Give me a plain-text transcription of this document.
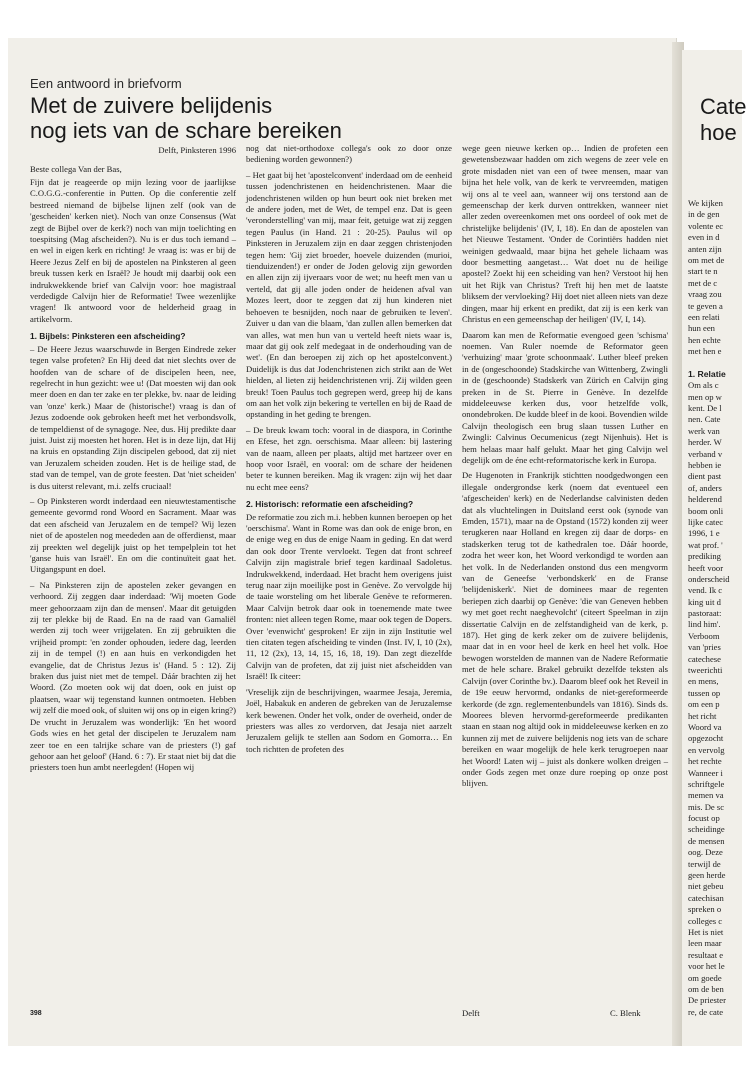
Een antwoord in briefvorm
Met de zuivere belijdenis
nog iets van de schare bereiken
Delft, Pinksteren 1996
Beste collega Van der Bas,

Fijn dat je reageerde op mijn lezing voor de jaarlijkse C.O.G.G.-conferentie in Putten. Op die conferentie zelf bestreed niemand de bijbelse lijnen zelf (ook van de 'gescheiden' kerken niet). Noch van onze Consensus (Wat zegt de Bijbel over de kerk?) noch van mijn toelichting en toespitsing (Mag afscheiden?). Nu is er dus toch iemand – en wel in eigen kerk en richting! Je vraag is: was er bij de Heere Jezus Zelf en bij de apostelen na Pinksteren al geen breuk tussen kerk en Israël? Je houdt mij daarbij ook een indrukwekkende brief van Calvijn voor: hoe magistraal verdedigde Calvijn hier de Reformatie! Twee wezenlijke vragen! Ik antwoord voor de helderheid graag in artikelvorm.

1. Bijbels: Pinksteren een afscheiding?

– De Heere Jezus waarschuwde in Bergen Eindrede zeker tegen valse profeten? En Hij deed dat niet slechts over de hoofden van de schare of de discipelen heen, nee, regelrecht in hun gezicht: wee u! (Dat moesten wij dan ook meer doen en dan ter zake en ter plekke, bv. naar de leiding van 'onze' kerk.) Maar de (historische!) vraag is dan of Jezus zodoende ook gebroken heeft met het verbondsvolk, de tempeldienst of de synagoge. Nee, dus. Hij predikte daar juist. Juist zij moesten het horen. Het is in deze lijn, dat Hij na kruis en opstanding Zijn discipelen gebood, dat zij niet van Jeruzalem scheiden zouden. Het is de heilige stad, de stad van de tempel, van de grote feesten. Dat 'niet scheiden' is dus uiterst relevant, m.i. zelfs cruciaal!

– Op Pinksteren wordt inderdaad een nieuwtestamentische gemeente gevormd rond Woord en Sacrament. Maar was dat een afscheid van Jeruzalem en de tempel? Wij lezen niet of de apostelen nog meededen aan de offerdienst, maar zij preekten wel degelijk juist op het tempelplein tot het 'ganse huis van Israël'. En om die continuïteit gaat het. Uitgangspunt en doel.

– Na Pinksteren zijn de apostelen zeker gevangen en verhoord. Zij zeggen daar inderdaad: 'Wij moeten Gode meer gehoorzaam zijn dan de mensen'. Maar dit getuigden zij ter plekke bij de Raad. En na de raad van Gamaliël werden zij toch weer vrijgelaten. En zij gebruikten die vrijheid prompt: 'en zonder ophouden, iedere dag, leerden zij in de tempel (!) en aan huis en verkondigden het evangelie, dat de Christus Jezus is' (Hand. 5 : 12). Zij braken dus juist niet met de tempel. Dáár brachten zij het Woord. (Zo moeten ook wij dat doen, ook en juist op plaatsen, waar wij tegenstand kunnen ontmoeten. Hebben wij zelf die moed ook, of sluiten wij ons op in eigen kring?) De vrucht in Jeruzalem was wonderlijk: 'En het woord Gods wies en het getal der discipelen te Jeruzalem nam zeer toe en een talrijke schare van de priesters (!) gaf gehoor aan het geloof' (Hand. 6 : 7). Er staat niet bij dat die priesters toen hun ambt neerlegden! (Hopen wij

nog dat niet-orthodoxe collega's ook zo door onze bediening worden gewonnen?)

– Het gaat bij het 'apostelconvent' inderdaad om de eenheid tussen jodenchristenen en heidenchristenen. Maar die jodenchristenen wilden op hun beurt ook niet breken met de andere joden, met de Wet, de tempel enz. Dat is geen 'veronderstelling' van mij, maar feit, getuige wat zij zeggen tegen Paulus (in Hand. 21 : 20-25). Paulus wil op Pinksteren in Jeruzalem zijn en daar zeggen christenjoden tegen hem: 'Gij ziet broeder, hoevele duizenden (murioi, tienduizenden!) er onder de Joden gelovig zijn geworden en allen zijn zij ijveraars voor de wet; nu heeft men van u verteld, dat gij alle joden onder de heidenen afval van Mozes leert, door te zeggen dat zij hun kinderen niet behoeven te besnijden, noch naar de gebruiken te leven'. Zuiver u dan van die blaam, 'dan zullen allen bemerken dat van alles, wat men hun van u verteld heeft niets waar is, maar dat gij ook zelf medegaat in de onderhouding van de wet'. (En dan beroepen zij zich op het apostelconvent.) Duidelijk is dus dat Jodenchristenen zich strikt aan de Wet hielden, al lieten zij heidenchristenen vrij. Zij wilden geen breuk! Toen Paulus toch gegrepen werd, greep hij de kans om aan het volk zijn bekering te vertellen en bij de Raad de opstanding in het geding te brengen.

– De breuk kwam toch: vooral in de diaspora, in Corinthe en Efese, het zgn. oerschisma. Maar alleen: bij lastering van de naam, alleen per plaats, altijd met hartzeer over en hoop voor Israël, en vooral: om de schare der heidenen beter te kunnen bereiken. Mag ik vragen: zijn wij het daar nu echt mee eens?

2. Historisch: reformatie een afscheiding?

De reformatie zou zich m.i. hebben kunnen beroepen op het 'oerschisma'. Want in Rome was dan ook de enige bron, en de enige weg en dus de enige Naam in geding. En dat werd dan ook door Trente vervloekt. Tegen dat front schreef Calvijn zijn magistrale brief tegen kardinaal Sadoletus. Indrukwekkend, inderdaad. Het bracht hem overigens juist terug naar zijn moeilijke post in Genève. Zo vervolgde hij de taaie worsteling om het liberale Genève te reformeren. Maar Calvijn betrok daar ook in toenemende mate twee fronten: niet alleen tegen Rome, maar ook tegen de Dopers. Over 'evenwicht' gesproken! Er zijn in zijn Institutie wel tien citaten tegen afscheiding te vinden (Inst. IV, I, 10 (2x), 11, 12 (2x), 13, 14, 15, 16, 18, 19). Dan zegt diezelfde Calvijn van de profeten, dat zij juist niet afscheidden van Israël! Ik citeer:

'Vreselijk zijn de beschrijvingen, waarmee Jesaja, Jeremia, Joël, Habakuk en anderen de gebreken van de Jeruzalemse kerk bewenen. Onder het volk, onder de overheid, onder de priesters was alles zo verdorven, dat Jesaja niet aarzelt Jeruzalem gelijk te stellen aan Sodom en Gomorra… En toch richtten de profeten des

wege geen nieuwe kerken op… Indien de profeten een gewetensbezwaar hadden om zich wegens de zeer vele en grote misdaden niet van een of twee mensen, maar van bijna het hele volk, van de kerk te vervreemden, matigen wij ons al te veel aan, wanneer wij ons terstond aan de gemeenschap der kerk durven onttrekken, wanneer niet aller zeden overeenkomen met ons oordeel of ook met de christelijke belijdenis' (IV, I, 18). En dan de apostelen van het Nieuwe Testament. 'Onder de Corintiërs hadden niet weinigen gedwaald, maar bijna het gehele lichaam was door besmetting aangetast… Wat doet nu de heilige apostel? Zoekt hij een scheiding van hen? Verstoot hij hen uit het Rijk van Christus? Treft hij hen met de laatste bliksem der vervloeking? Hij doet niet alleen niets van deze dingen, maar hij erkent en predikt, dat zij is een kerk van Christus en een gemeenschap der heiligen' (IV, I, 14).

Daarom kan men de Reformatie evengoed geen 'schisma' noemen. Van Ruler noemde de Reformator geen 'verhuizing' maar 'grote schoonmaak'. Luther bleef preken in de (ongeschoonde) Stadskirche van Wittenberg, Zwingli in de (geschoonde) Stadskerk van Zürich en Calvijn ging preken in de St. Pierre in Genève. In dezelfde middeleeuwse kerken dus, voor hetzelfde volk, onondebroken. De kudde bleef in de kooi. Bovendien wilde Calvijn theologisch een brug slaan tussen Luther en Zwingli: Calvinus Oecumenicus (zegt Nijenhuis). Het is hem helaas maar half gelukt. Maar het ging Calvijn wel degelijk om de éne echt-reformatorische kerk in Europa.

De Hugenoten in Frankrijk stichtten noodgedwongen een illegale ondergrondse kerk (noem dat eventueel een 'afgescheiden' kerk) en de Nederlandse calvinisten deden dat als vluchtelingen in Duitsland eerst ook (synode van Emden, 1571), maar na de Opstand (1572) konden zij weer terugkeren naar Holland en kregen zij daar de dorps- en stadskerken terug tot de kathedralen toe. Dáár hoorde, zodra het weer kon, het Woord verkondigd te worden aan het volk. In de Nederlanden onstond dus een mengvorm van de Geneefse 'verbondskerk' en de Franse 'belijdeniskerk'. Niet de dominees maar de regenten beriepen zich daarbij op Genève: 'die van Geneven hebben wy met goet recht naeghevolcht' (citeert Speelman in zijn dissertatie Calvijn en de zelfstandigheid van de kerk, p. 187). Het ging de kerk zeker om de zuivere belijdenis, maar dat in en voor heel de kerk en heel het volk. Hoe bewogen worstelden de mannen van de Nadere Reformatie met de hele schare. Brakel gebruikt dezelfde teksten als Calvijn (over Corinthe bv.). Daarom bleef ook het Reveil in de 19e eeuw hervormd, ondanks de niet-gereformeerde kerkorde (de zgn. reglementenbundels van 1816). Sinds ds. Moorees bleven hervormd-gereformeerde predikanten staan en staan nog altijd ook in middeleeuwse kerken en zo kunnen zij met de zuivere belijdenis nog iets van de schare bereiken en waar mogelijk de hele kerk terugroepen naar het Woord! Laten wij – juist als donkere wolken dreigen – onder Gods zegen met onze dure roeping op onze post blijven.

Delft	C. Blenk
398
Cate
hoe
We kijken
in de gen
volente ec
even in d
anten zijn
om met de
start te n
met de c
vraag zou
te geven a
een relati
hun een
hen echte
met hen e
1. Relatie
Om als c
men op w
kent. De l
nen. Cate
werk van
herder. W
verband v
hebben ie
dient past
of, anders
helderend
boom onli
lijke catec
1996, 1 e
wat prof. '
prediking
heeft voor
onderscheid
vend. Ik c
king uit d
pastoraat:
lind him'.
Verboom
van 'pries
catechese
tweerichti
en mens,
tussen op
om een p
het richt
Woord va
opgezocht
en vervolg
het rechte
Wanneer i
schriftgele
memen va
mis. De sc
focust op
scheidinge
de mensen
oog. Deze
terwijl de
geen herde
niet gebeu
catechisan
spreken o
colleges c
Het is niet
leen maar
resultaat e
voor het le
om goede
om de ben
De priester
re, de cate
